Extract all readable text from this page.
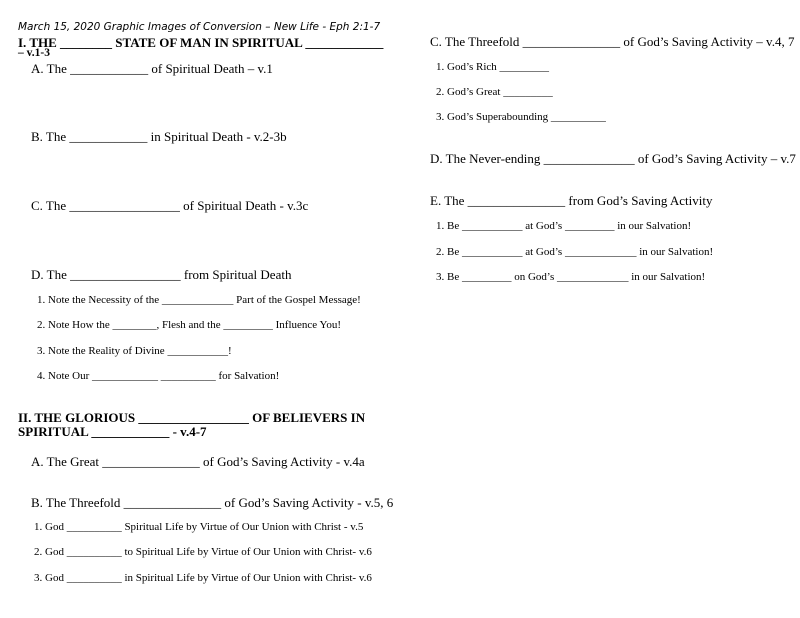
March 15, 2020 Graphic Images of Conversion – New Life - Eph 2:1-7
I. THE ________ STATE OF MAN IN SPIRITUAL ____________
– v.1-3
A. The ____________ of Spiritual Death – v.1
B. The ____________ in Spiritual Death - v.2-3b
C. The _________________ of Spiritual Death - v.3c
D. The _________________ from Spiritual Death
1. Note the Necessity of the _____________ Part of the Gospel Message!
2. Note How the ________, Flesh and the _________ Influence You!
3. Note the Reality of Divine ___________!
4. Note Our ____________ __________ for Salvation!
II. THE GLORIOUS _________________ OF BELIEVERS IN
SPIRITUAL ____________ - v.4-7
A. The Great _______________ of God’s Saving Activity - v.4a
B. The Threefold _______________ of God’s Saving Activity - v.5, 6
1. God __________ Spiritual Life by Virtue of Our Union with Christ - v.5
2. God __________ to Spiritual Life by Virtue of Our Union with Christ- v.6
3. God __________ in Spiritual Life by Virtue of Our Union with Christ- v.6
C. The Threefold _______________ of God’s Saving Activity – v.4, 7
1. God’s Rich _________
2. God’s Great _________
3. God’s Superabounding __________
D. The Never-ending ______________ of God’s Saving Activity – v.7
E. The _______________ from God’s Saving Activity
1. Be ___________ at God’s _________ in our Salvation!
2. Be ___________ at God’s _____________ in our Salvation!
3. Be _________ on God’s _____________ in our Salvation!
